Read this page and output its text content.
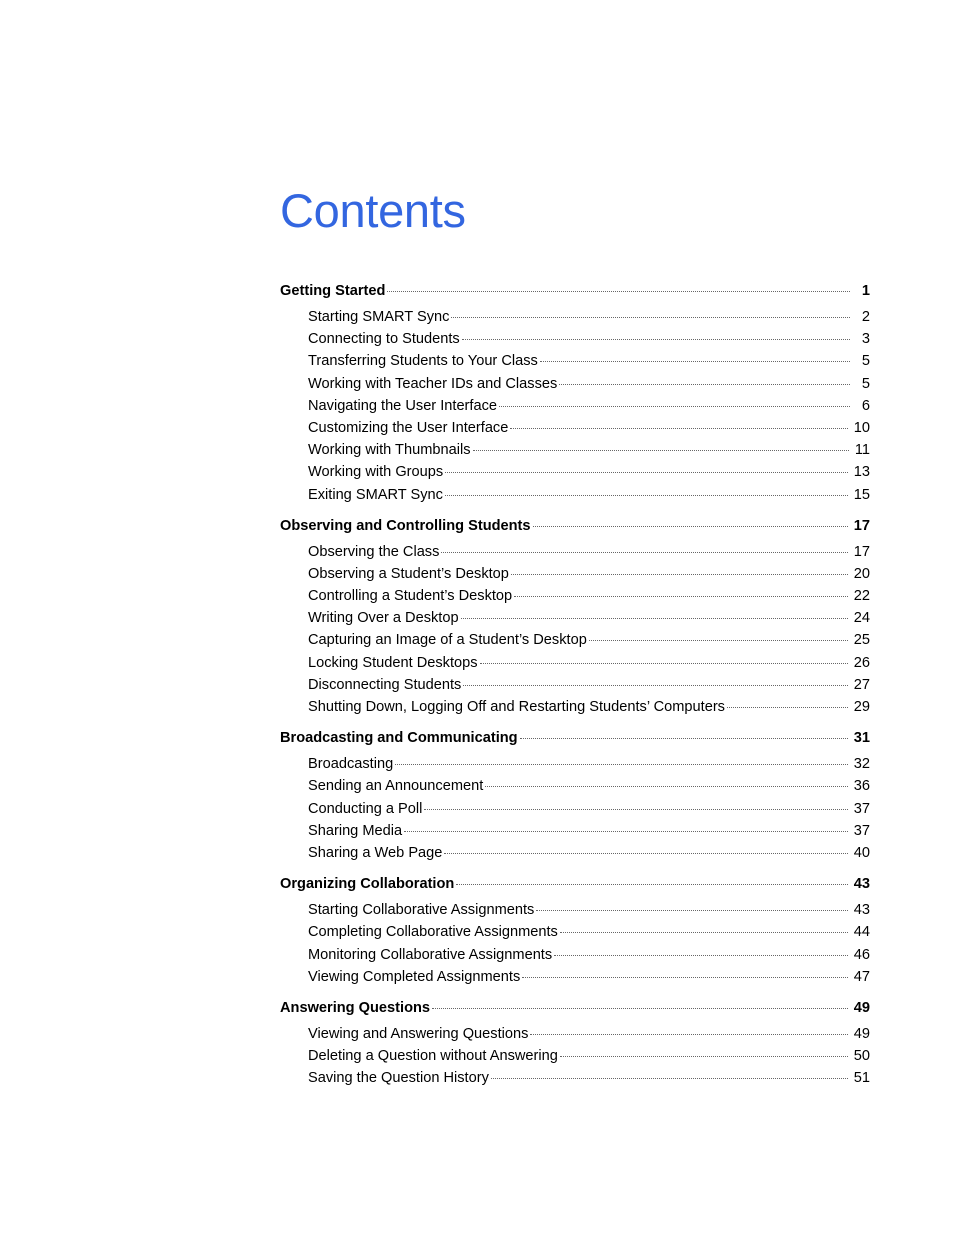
Contents
Getting Started	1
Starting SMART Sync	2
Connecting to Students	3
Transferring Students to Your Class	5
Working with Teacher IDs and Classes	5
Navigating the User Interface	6
Customizing the User Interface	10
Working with Thumbnails	11
Working with Groups	13
Exiting SMART Sync	15
Observing and Controlling Students	17
Observing the Class	17
Observing a Student’s Desktop	20
Controlling a Student’s Desktop	22
Writing Over a Desktop	24
Capturing an Image of a Student’s Desktop	25
Locking Student Desktops	26
Disconnecting Students	27
Shutting Down, Logging Off and Restarting Students’ Computers	29
Broadcasting and Communicating	31
Broadcasting	32
Sending an Announcement	36
Conducting a Poll	37
Sharing Media	37
Sharing a Web Page	40
Organizing Collaboration	43
Starting Collaborative Assignments	43
Completing Collaborative Assignments	44
Monitoring Collaborative Assignments	46
Viewing Completed Assignments	47
Answering Questions	49
Viewing and Answering Questions	49
Deleting a Question without Answering	50
Saving the Question History	51
